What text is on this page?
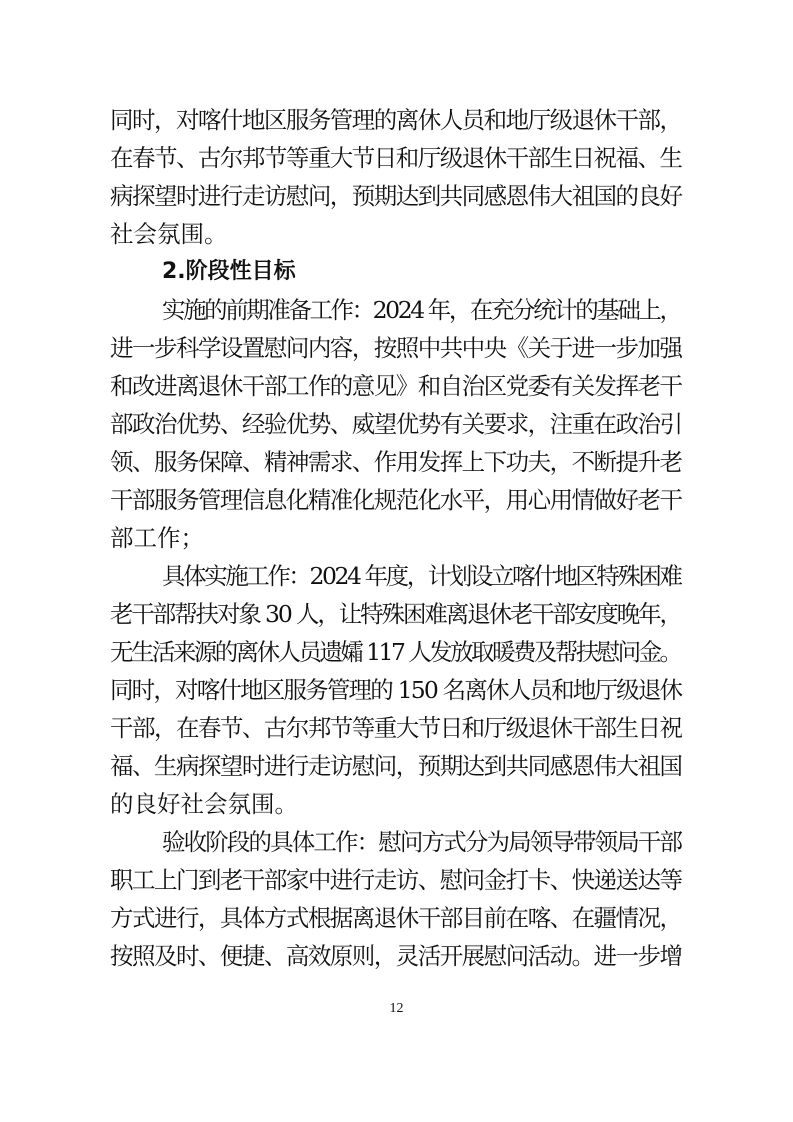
同时，对喀什地区服务管理的离休人员和地厅级退休干部，
在春节、古尔邦节等重大节日和厅级退休干部生日祝福、生
病探望时进行走访慰问，预期达到共同感恩伟大祖国的良好
社会氛围。
2.阶段性目标
实施的前期准备工作：2024 年，在充分统计的基础上，
进一步科学设置慰问内容，按照中共中央《关于进一步加强
和改进离退休干部工作的意见》和自治区党委有关发挥老干
部政治优势、经验优势、威望优势有关要求，注重在政治引
领、服务保障、精神需求、作用发挥上下功夫，不断提升老
干部服务管理信息化精准化规范化水平，用心用情做好老干
部工作；
具体实施工作：2024 年度，计划设立喀什地区特殊困难
老干部帮扶对象 30 人，让特殊困难离退休老干部安度晚年，
无生活来源的离休人员遗孀 117 人发放取暖费及帮扶慰问金。
同时，对喀什地区服务管理的 150 名离休人员和地厅级退休
干部，在春节、古尔邦节等重大节日和厅级退休干部生日祝
福、生病探望时进行走访慰问，预期达到共同感恩伟大祖国
的良好社会氛围。
验收阶段的具体工作：慰问方式分为局领导带领局干部
职工上门到老干部家中进行走访、慰问金打卡、快递送达等
方式进行，具体方式根据离退休干部目前在喀、在疆情况，
按照及时、便捷、高效原则，灵活开展慰问活动。进一步增
12
